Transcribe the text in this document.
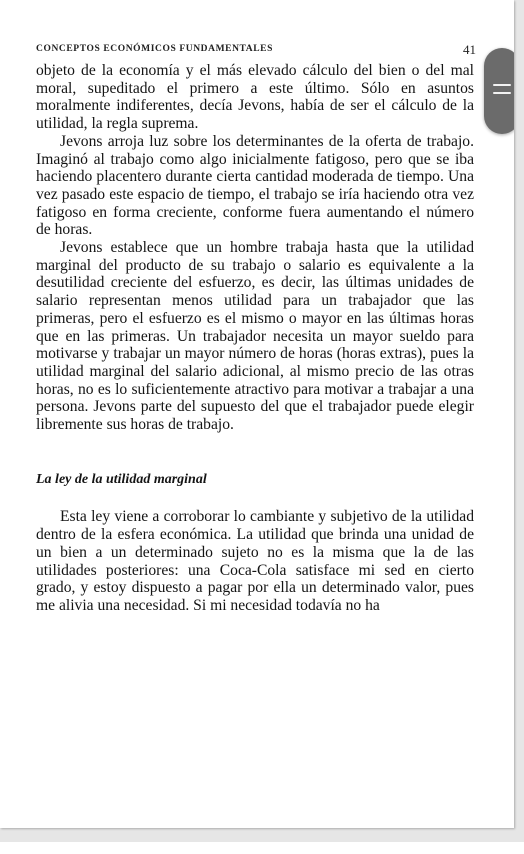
CONCEPTOS ECONÓMICOS FUNDAMENTALES	41

objeto de la economía y el más elevado cálculo del bien o del mal moral, supeditado el primero a este último. Sólo en asuntos moralmente indiferentes, decía Jevons, había de ser el cálculo de la utilidad, la regla suprema.

Jevons arroja luz sobre los determinantes de la oferta de trabajo. Imaginó al trabajo como algo inicialmente fatigoso, pero que se iba haciendo placentero durante cierta cantidad moderada de tiempo. Una vez pasado este espacio de tiempo, el trabajo se iría haciendo otra vez fatigoso en forma creciente, conforme fuera aumentando el número de horas.

Jevons establece que un hombre trabaja hasta que la utilidad marginal del producto de su trabajo o salario es equivalente a la desutilidad creciente del esfuerzo, es decir, las últimas unidades de salario representan menos utilidad para un trabajador que las primeras, pero el esfuerzo es el mismo o mayor en las últimas horas que en las primeras. Un trabajador necesita un mayor sueldo para motivarse y trabajar un mayor número de horas (horas extras), pues la utilidad marginal del salario adicional, al mismo precio de las otras horas, no es lo suficientemente atractivo para motivar a trabajar a una persona. Jevons parte del supuesto del que el trabajador puede elegir libremente sus horas de trabajo.

La ley de la utilidad marginal

Esta ley viene a corroborar lo cambiante y subjetivo de la utilidad dentro de la esfera económica. La utilidad que brinda una unidad de un bien a un determinado sujeto no es la misma que la de las utilidades posteriores: una Coca-Cola satisface mi sed en cierto grado, y estoy dispuesto a pagar por ella un determinado valor, pues me alivia una necesidad. Si mi necesidad todavía no ha
